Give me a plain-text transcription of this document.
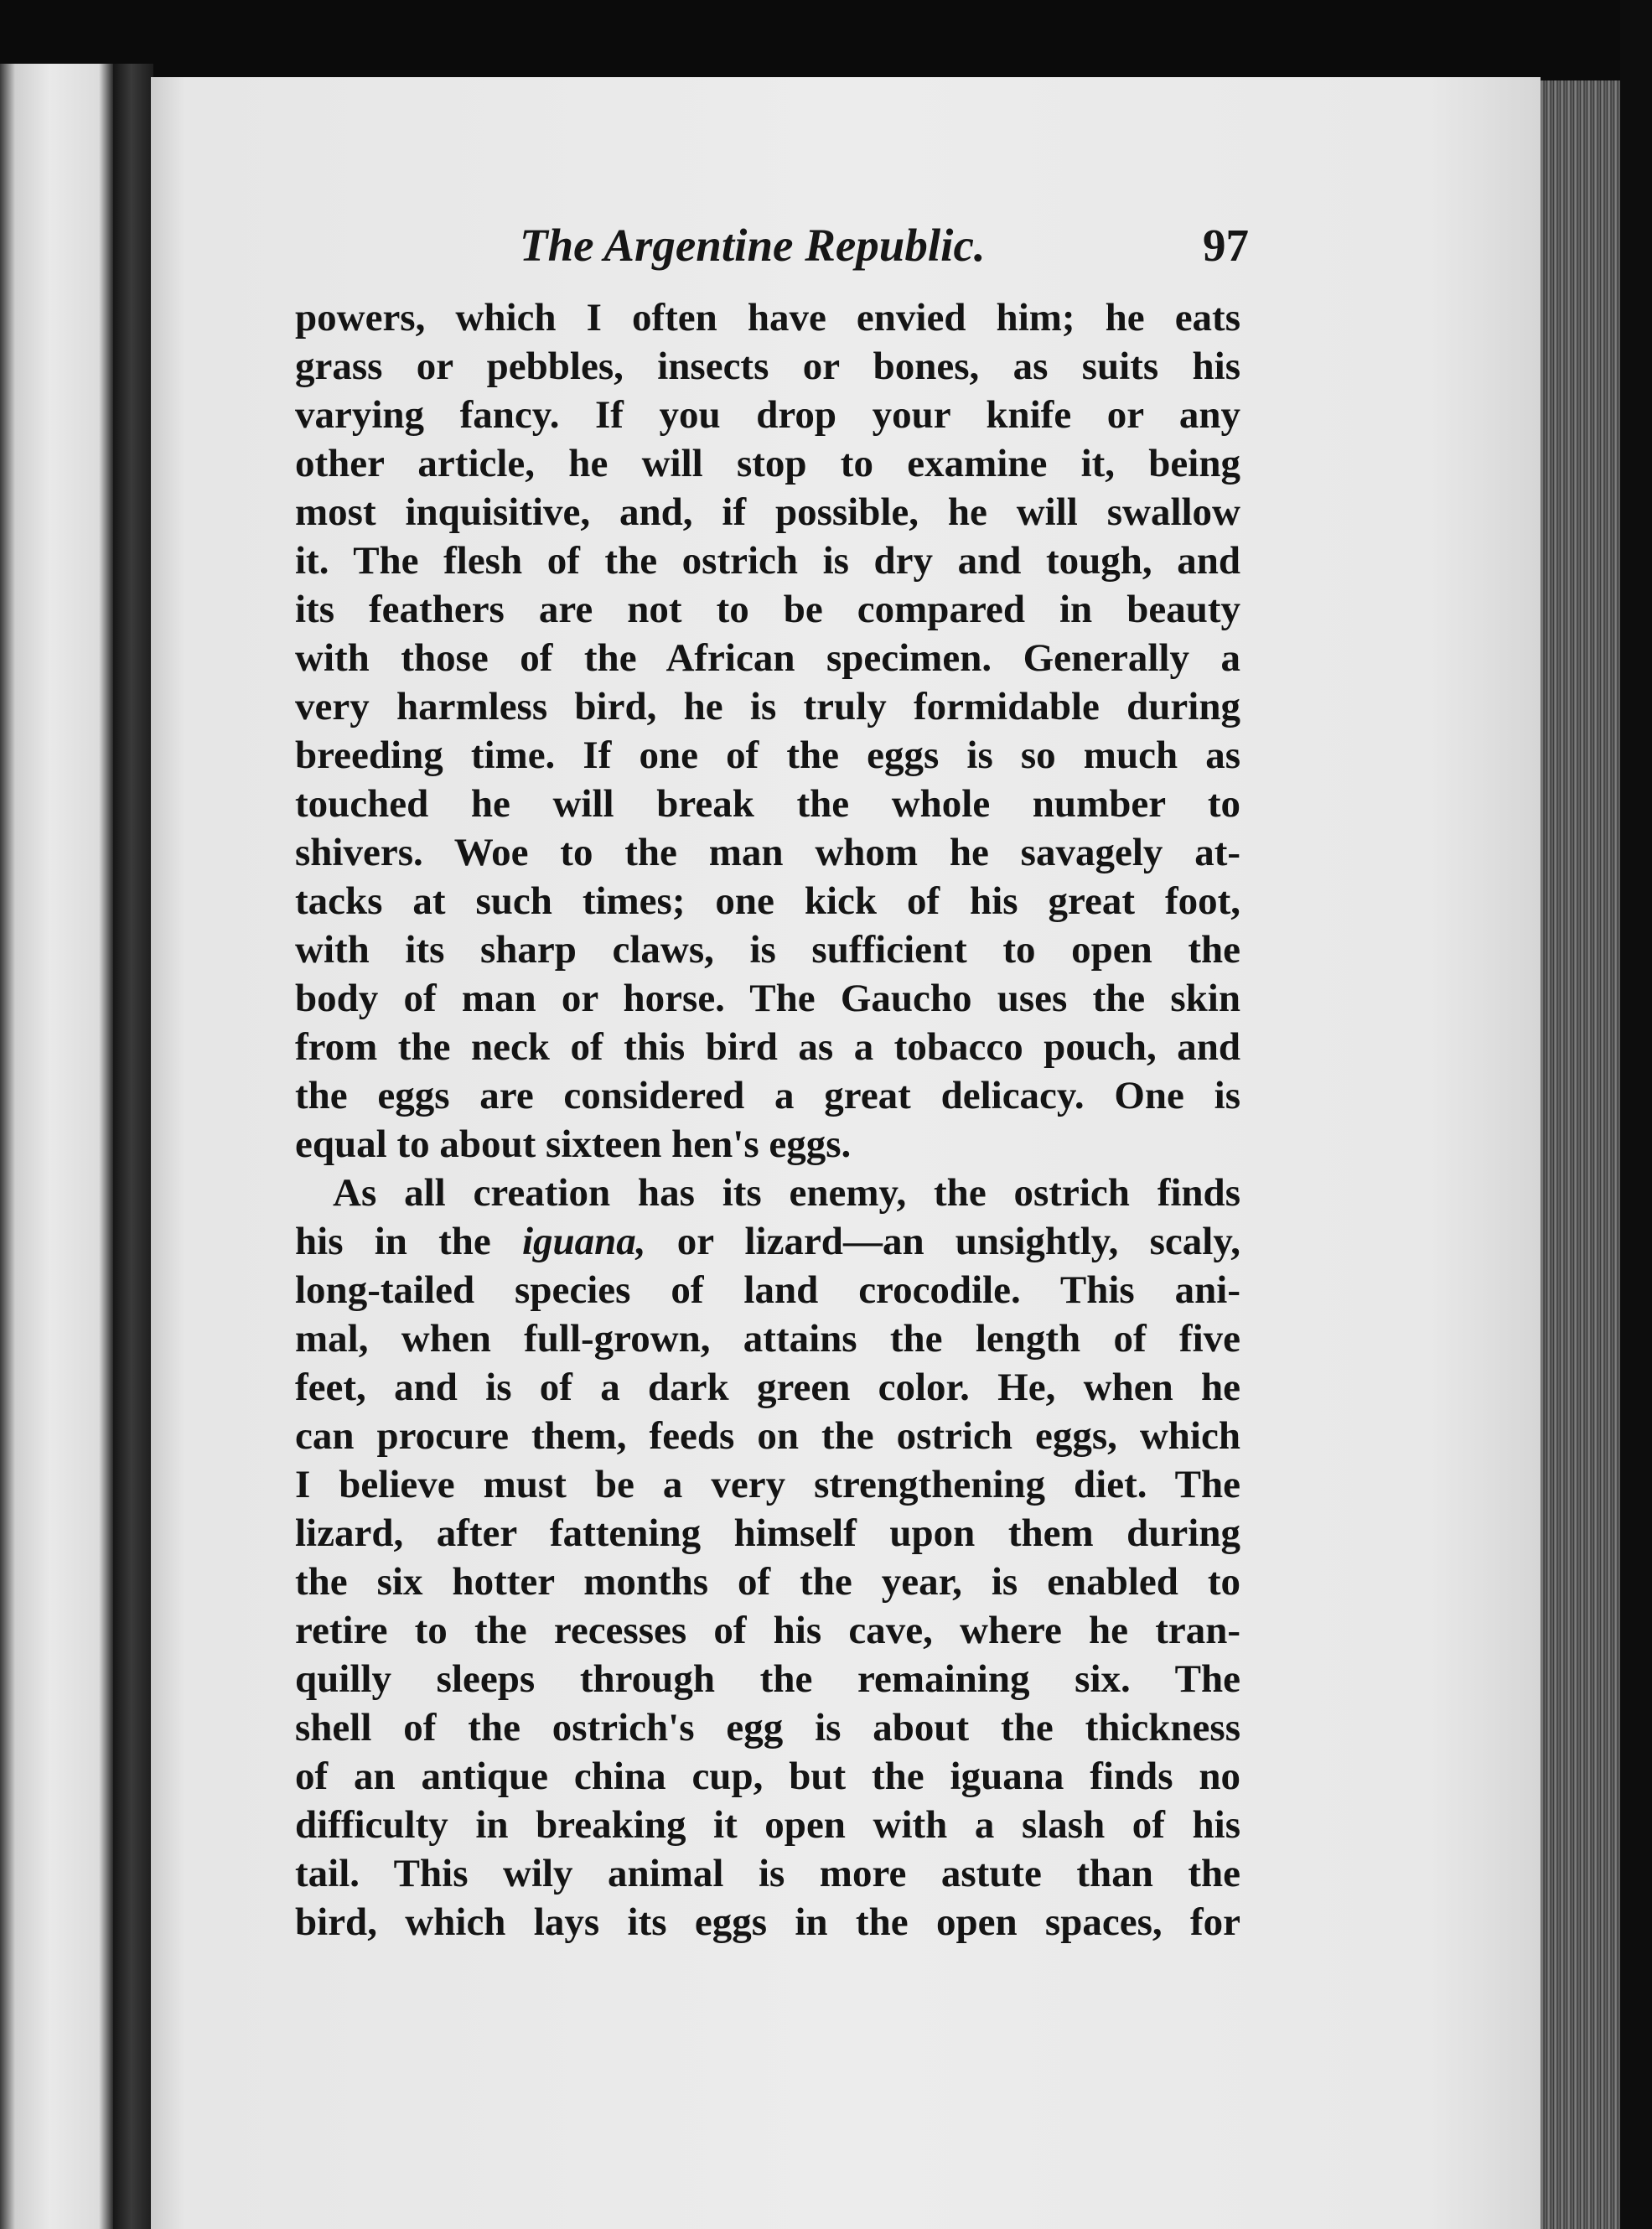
The Argentine Republic.	97
powers, which I often have envied him; he eats
grass or pebbles, insects or bones, as suits his
varying fancy. If you drop your knife or any
other article, he will stop to examine it, being
most inquisitive, and, if possible, he will swallow
it. The flesh of the ostrich is dry and tough, and
its feathers are not to be compared in beauty
with those of the African specimen. Generally a
very harmless bird, he is truly formidable during
breeding time. If one of the eggs is so much as
touched he will break the whole number to
shivers. Woe to the man whom he savagely at-
tacks at such times; one kick of his great foot,
with its sharp claws, is sufficient to open the
body of man or horse. The Gaucho uses the skin
from the neck of this bird as a tobacco pouch, and
the eggs are considered a great delicacy. One is
equal to about sixteen hen's eggs.
As all creation has its enemy, the ostrich finds
his in the iguana, or lizard—an unsightly, scaly,
long-tailed species of land crocodile. This ani-
mal, when full-grown, attains the length of five
feet, and is of a dark green color. He, when he
can procure them, feeds on the ostrich eggs, which
I believe must be a very strengthening diet. The
lizard, after fattening himself upon them during
the six hotter months of the year, is enabled to
retire to the recesses of his cave, where he tran-
quilly sleeps through the remaining six. The
shell of the ostrich's egg is about the thickness
of an antique china cup, but the iguana finds no
difficulty in breaking it open with a slash of his
tail. This wily animal is more astute than the
bird, which lays its eggs in the open spaces, for
